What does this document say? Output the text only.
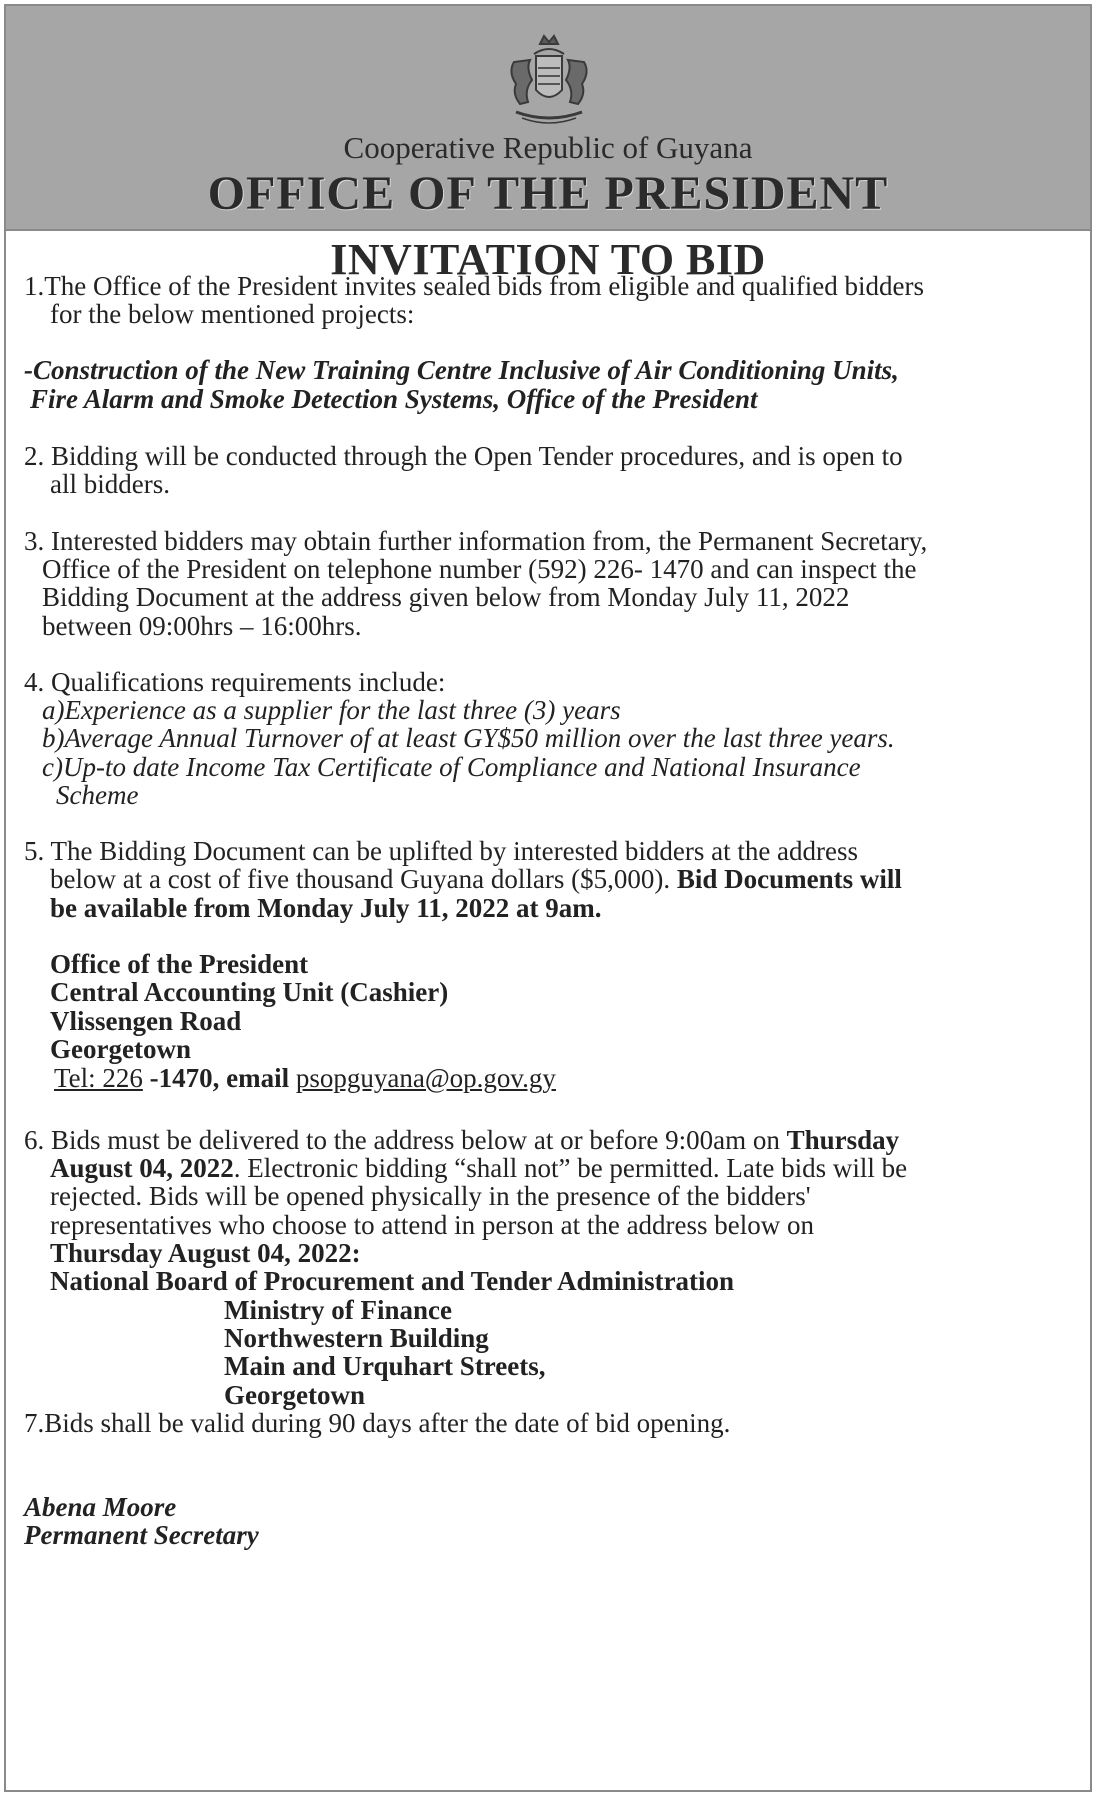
Cooperative Republic of Guyana
OFFICE OF THE PRESIDENT
INVITATION TO BID
1.The Office of the President invites sealed bids from eligible and qualified bidders
for the below mentioned projects:
-Construction of the New Training Centre Inclusive of Air Conditioning Units,
Fire Alarm and Smoke Detection Systems, Office of the President
2. Bidding will be conducted through the Open Tender procedures, and is open to
all bidders.
3. Interested bidders may obtain further information from, the Permanent Secretary,
Office of the President on telephone number (592) 226- 1470 and can inspect the
Bidding Document at the address given below from Monday July 11, 2022
between 09:00hrs – 16:00hrs.
4. Qualifications requirements include:
a)Experience as a supplier for the last three (3) years
b)Average Annual Turnover of at least GY$50 million over the last three years.
c)Up-to date Income Tax Certificate of Compliance and National Insurance
Scheme
5. The Bidding Document can be uplifted by interested bidders at the address
below at a cost of five thousand Guyana dollars ($5,000). Bid Documents will
be available from Monday July 11, 2022 at 9am.
Office of the President
Central Accounting Unit (Cashier)
Vlissengen Road
Georgetown
Tel: 226 -1470, email psopguyana@op.gov.gy
6. Bids must be delivered to the address below at or before 9:00am on Thursday
August 04, 2022. Electronic bidding “shall not” be permitted. Late bids will be
rejected. Bids will be opened physically in the presence of the bidders'
representatives who choose to attend in person at the address below on
Thursday August 04, 2022:
National Board of Procurement and Tender Administration
Ministry of Finance
Northwestern Building
Main and Urquhart Streets,
Georgetown
7.Bids shall be valid during 90 days after the date of bid opening.
Abena Moore
Permanent Secretary
